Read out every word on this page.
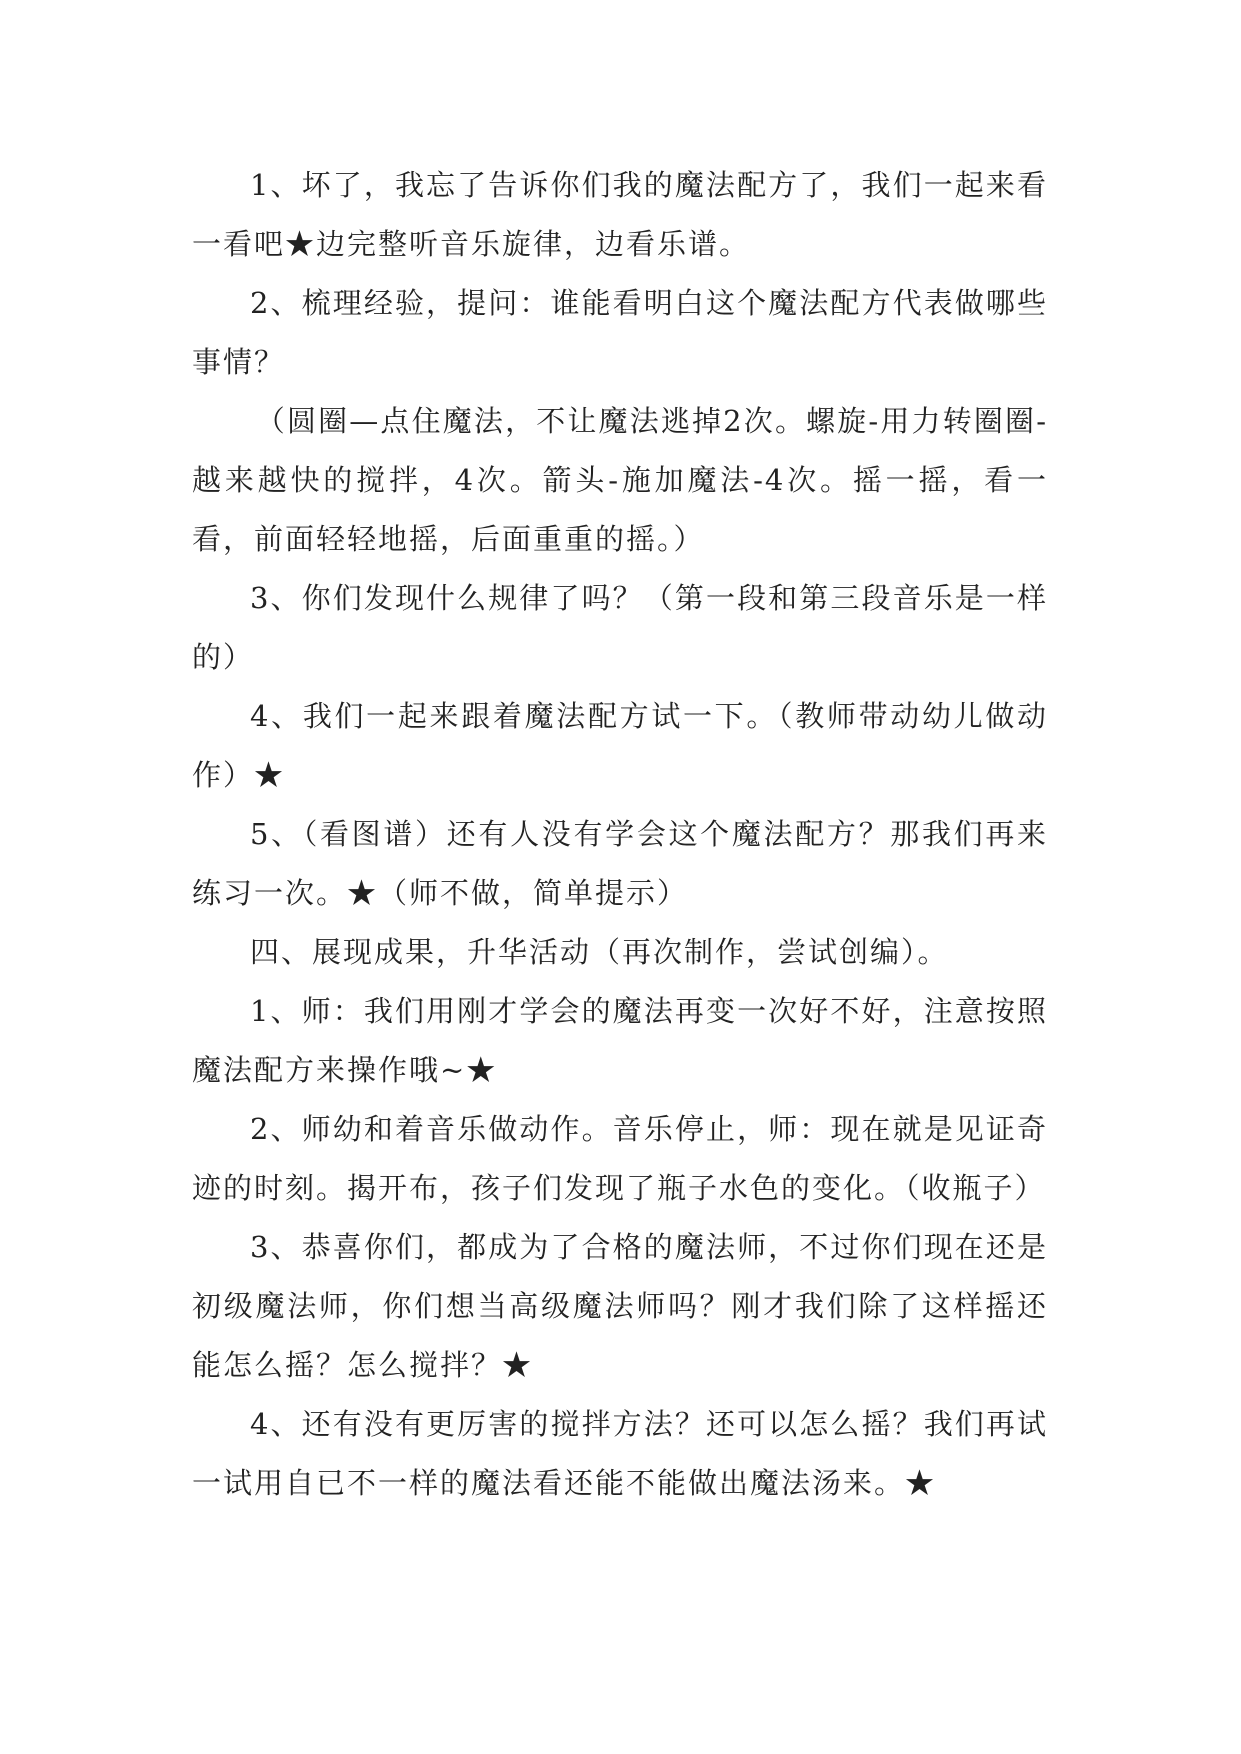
1、坏了，我忘了告诉你们我的魔法配方了，我们一起来看一看吧★边完整听音乐旋律，边看乐谱。

2、梳理经验，提问：谁能看明白这个魔法配方代表做哪些事情？

（圆圈—点住魔法，不让魔法逃掉2次。螺旋-用力转圈圈-越来越快的搅拌，4次。箭头-施加魔法-4次。摇一摇，看一看，前面轻轻地摇，后面重重的摇。）

3、你们发现什么规律了吗？（第一段和第三段音乐是一样的）

4、我们一起来跟着魔法配方试一下。（教师带动幼儿做动作）★

5、（看图谱）还有人没有学会这个魔法配方？那我们再来练习一次。★（师不做，简单提示）

四、展现成果，升华活动（再次制作，尝试创编）。

1、师：我们用刚才学会的魔法再变一次好不好，注意按照魔法配方来操作哦~★

2、师幼和着音乐做动作。音乐停止，师：现在就是见证奇迹的时刻。揭开布，孩子们发现了瓶子水色的变化。（收瓶子）

3、恭喜你们，都成为了合格的魔法师，不过你们现在还是初级魔法师，你们想当高级魔法师吗？刚才我们除了这样摇还能怎么摇？怎么搅拌？★

4、还有没有更厉害的搅拌方法？还可以怎么摇？我们再试一试用自已不一样的魔法看还能不能做出魔法汤来。★
